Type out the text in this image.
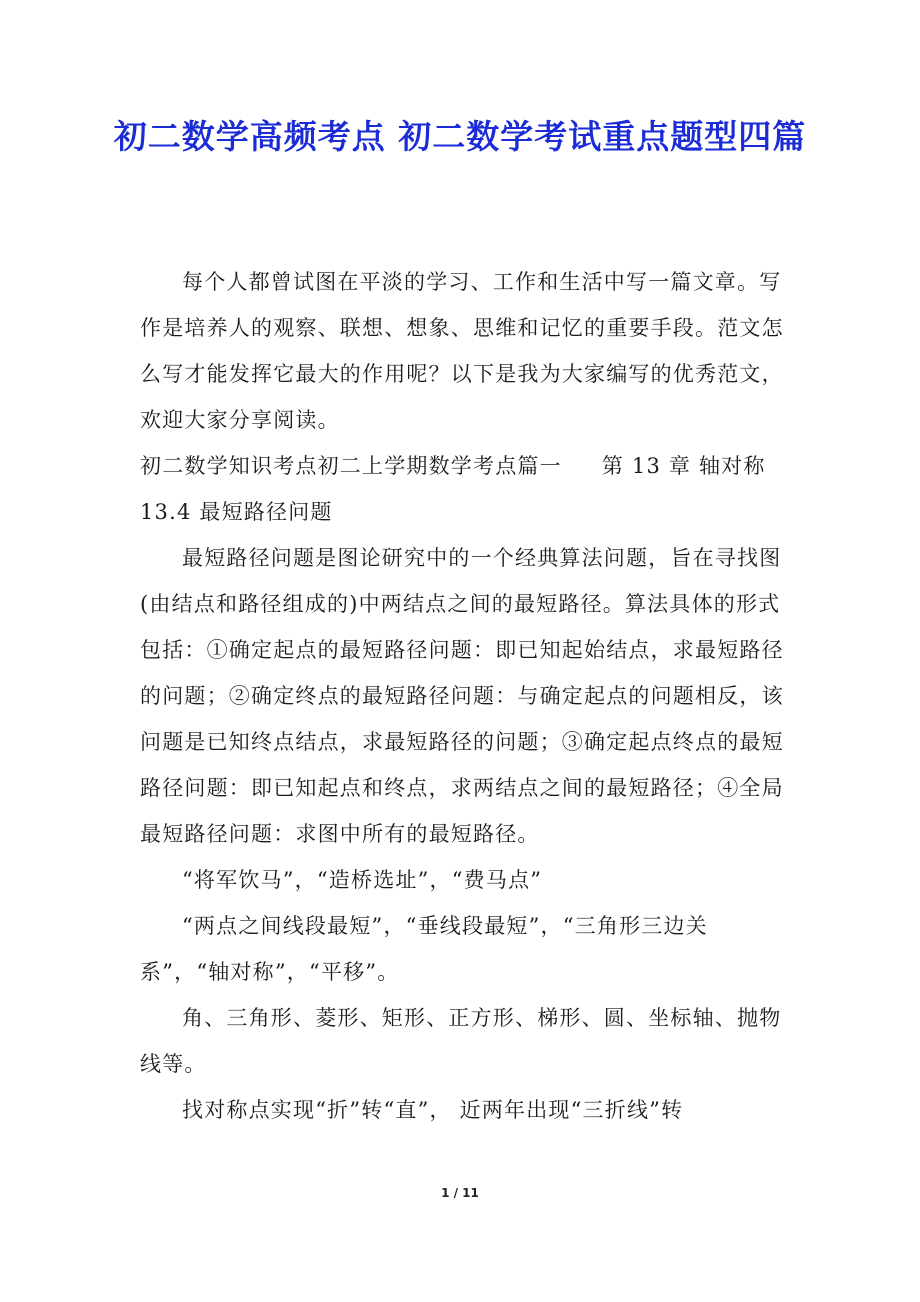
初二数学高频考点 初二数学考试重点题型四篇

每个人都曾试图在平淡的学习、工作和生活中写一篇文章。写作是培养人的观察、联想、想象、思维和记忆的重要手段。范文怎么写才能发挥它最大的作用呢？以下是我为大家编写的优秀范文，欢迎大家分享阅读。

初二数学知识考点初二上学期数学考点篇一 第 13 章 轴对称 13.4 最短路径问题

最短路径问题是图论研究中的一个经典算法问题，旨在寻找图(由结点和路径组成的)中两结点之间的最短路径。算法具体的形式包括：①确定起点的最短路径问题：即已知起始结点，求最短路径的问题；②确定终点的最短路径问题：与确定起点的问题相反，该问题是已知终点结点，求最短路径的问题；③确定起点终点的最短路径问题：即已知起点和终点，求两结点之间的最短路径；④全局最短路径问题：求图中所有的最短路径。

“将军饮马”，“造桥选址”，“费马点”

“两点之间线段最短”，“垂线段最短”，“三角形三边关系”，“轴对称”，“平移”。

角、三角形、菱形、矩形、正方形、梯形、圆、坐标轴、抛物线等。

找对称点实现“折”转“直”， 近两年出现“三折线”转

1 / 11
